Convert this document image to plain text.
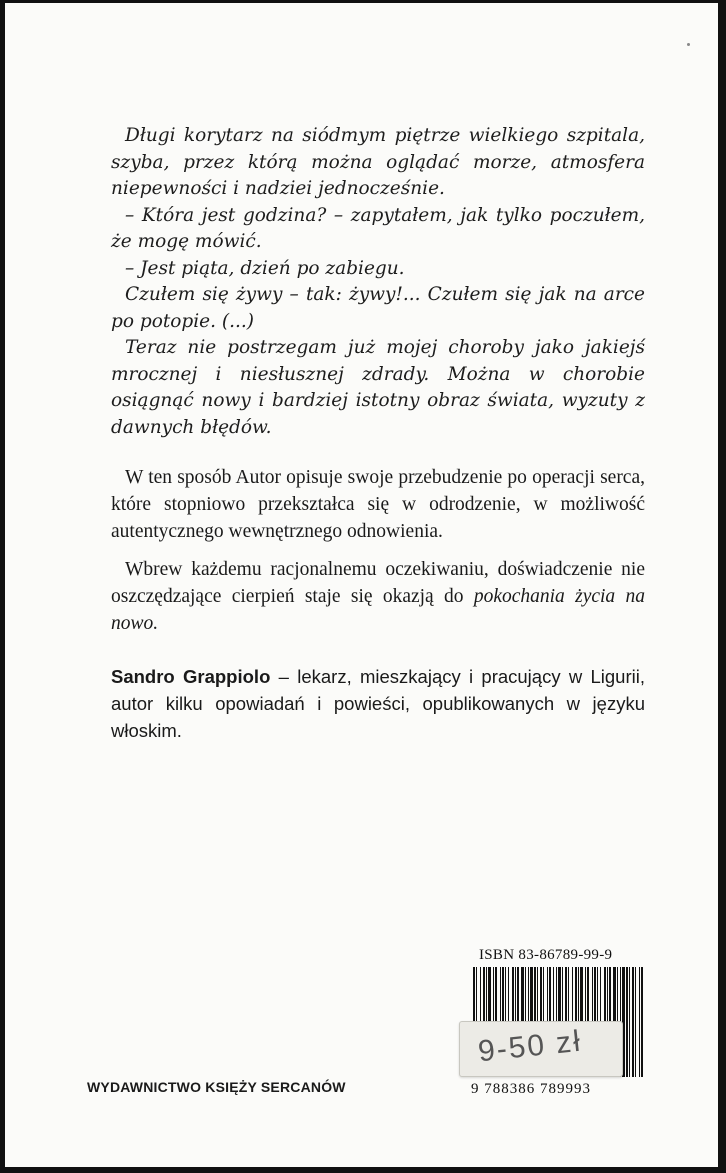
Długi korytarz na siódmym piętrze wielkiego szpitala, szyba, przez którą można oglądać morze, atmosfera niepewności i nadziei jednocześnie.

– Która jest godzina? – zapytałem, jak tylko poczułem, że mogę mówić.

– Jest piąta, dzień po zabiegu.

Czułem się żywy – tak: żywy!... Czułem się jak na arce po potopie. (...)

Teraz nie postrzegam już mojej choroby jako jakiejś mrocznej i niesłusznej zdrady. Można w chorobie osiągnąć nowy i bardziej istotny obraz świata, wyzuty z dawnych błędów.

W ten sposób Autor opisuje swoje przebudzenie po operacji serca, które stopniowo przekształca się w odrodzenie, w możliwość autentycznego wewnętrznego odnowienia.

Wbrew każdemu racjonalnemu oczekiwaniu, doświadczenie nie oszczędzające cierpień staje się okazją do pokochania życia na nowo.

Sandro Grappiolo – lekarz, mieszkający i pracujący w Ligurii, autor kilku opowiadań i powieści, opublikowanych w języku włoskim.
WYDAWNICTWO KSIĘŻY SERCANÓW
ISBN 83-86789-99-9
9-50 zł
9 788386 789993
